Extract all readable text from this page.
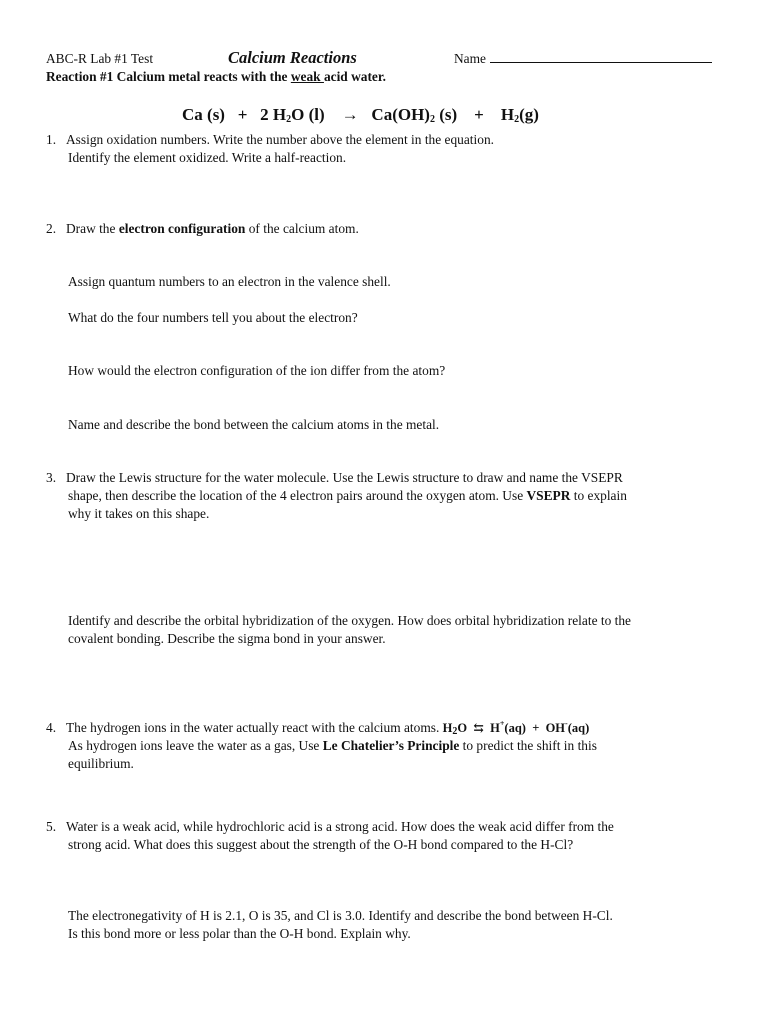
ABC-R Lab #1 Test	Calcium Reactions	Name
Reaction #1 Calcium metal reacts with the weak acid water.
Ca (s) + 2 $H_2O$ $(l) \to Ca(OH)_2$ $(s) + H_2(g)$
1. Assign oxidation numbers. Write the number above the element in the equation.
Identify the element oxidized. Write a half-reaction.
2. Draw the electron configuration of the calcium atom.
Assign quantum numbers to an electron in the valence shell.
What do the four numbers tell you about the electron?
How would the electron configuration of the ion differ from the atom?
Name and describe the bond between the calcium atoms in the metal.
3. Draw the Lewis structure for the water molecule. Use the Lewis structure to draw and name the VSEPR
shape, then describe the location of the 4 electron pairs around the oxygen atom. Use VSEPR to explain
why it takes on this shape.
Identify and describe the orbital hybridization of the oxygen. How does orbital hybridization relate to the
covalent bonding. Describe the sigma bond in your answer.
4. The hydrogen ions in the water actually react with the calcium atoms. $H_2O$ ⇆ H+(aq) + OH-(aq)
As hydrogen ions leave the water as a gas, Use Le Chatelier’s Principle to predict the shift in this
equilibrium.
5. Water is a weak acid, while hydrochloric acid is a strong acid. How does the weak acid differ from the
strong acid. What does this suggest about the strength of the O-H bond compared to the H-Cl?
The electronegativity of H is 2.1, O is 35, and Cl is 3.0. Identify and describe the bond between H-Cl.
Is this bond more or less polar than the O-H bond. Explain why.
